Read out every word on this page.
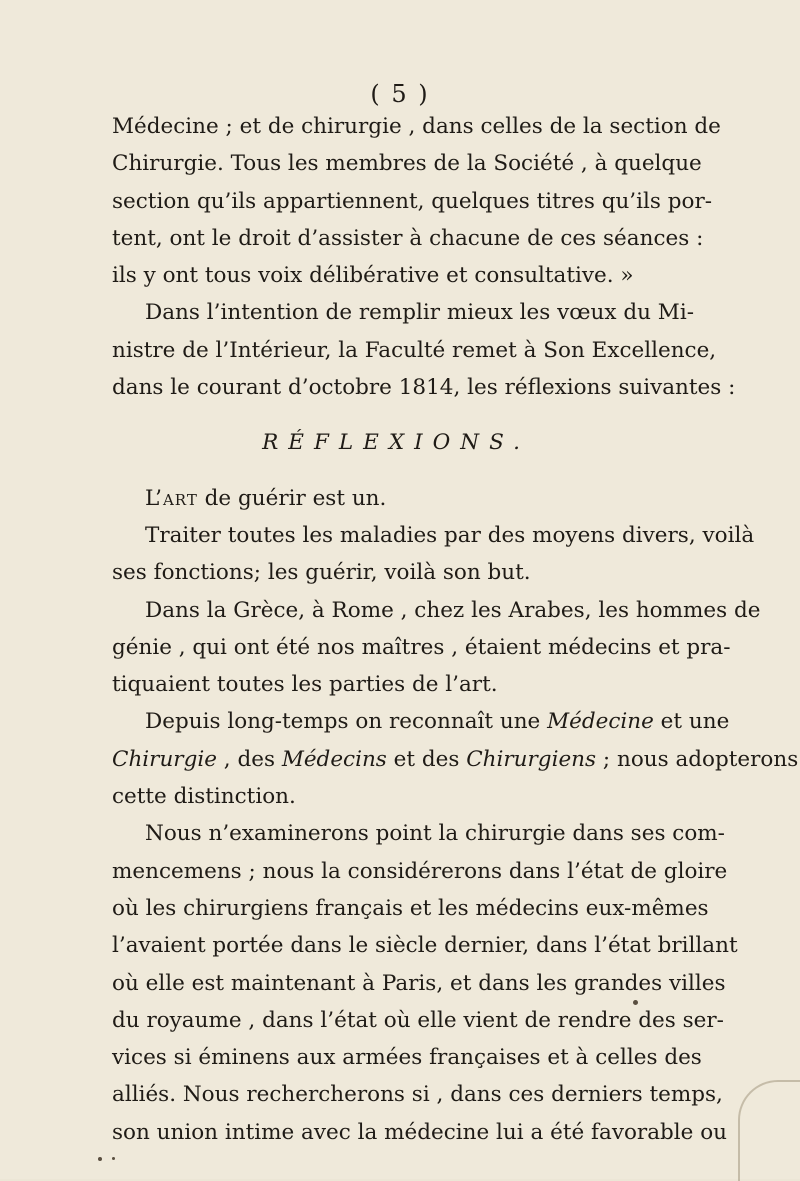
( 5 )
Médecine ; et de chirurgie , dans celles de la section de
Chirurgie. Tous les membres de la Société , à quelque
section qu’ils appartiennent, quelques titres qu’ils por-
tent, ont le droit d’assister à chacune de ces séances :
ils y ont tous voix délibérative et consultative. »
Dans l’intention de remplir mieux les vœux du Mi-
nistre de l’Intérieur, la Faculté remet à Son Excellence,
dans le courant d’octobre 1814, les réflexions suivantes :
RÉFLEXIONS.
L’art de guérir est un.
Traiter toutes les maladies par des moyens divers, voilà
ses fonctions; les guérir, voilà son but.
Dans la Grèce, à Rome , chez les Arabes, les hommes de
génie , qui ont été nos maîtres , étaient médecins et pra-
tiquaient toutes les parties de l’art.
Depuis long-temps on reconnaît une Médecine et une
Chirurgie , des Médecins et des Chirurgiens ; nous adopterons
cette distinction.
Nous n’examinerons point la chirurgie dans ses com-
mencemens ; nous la considérerons dans l’état de gloire
où les chirurgiens français et les médecins eux-mêmes
l’avaient portée dans le siècle dernier, dans l’état brillant
où elle est maintenant à Paris, et dans les grandes villes
du royaume , dans l’état où elle vient de rendre des ser-
vices si éminens aux armées françaises et à celles des
alliés. Nous rechercherons si , dans ces derniers temps,
son union intime avec la médecine lui a été favorable ou
